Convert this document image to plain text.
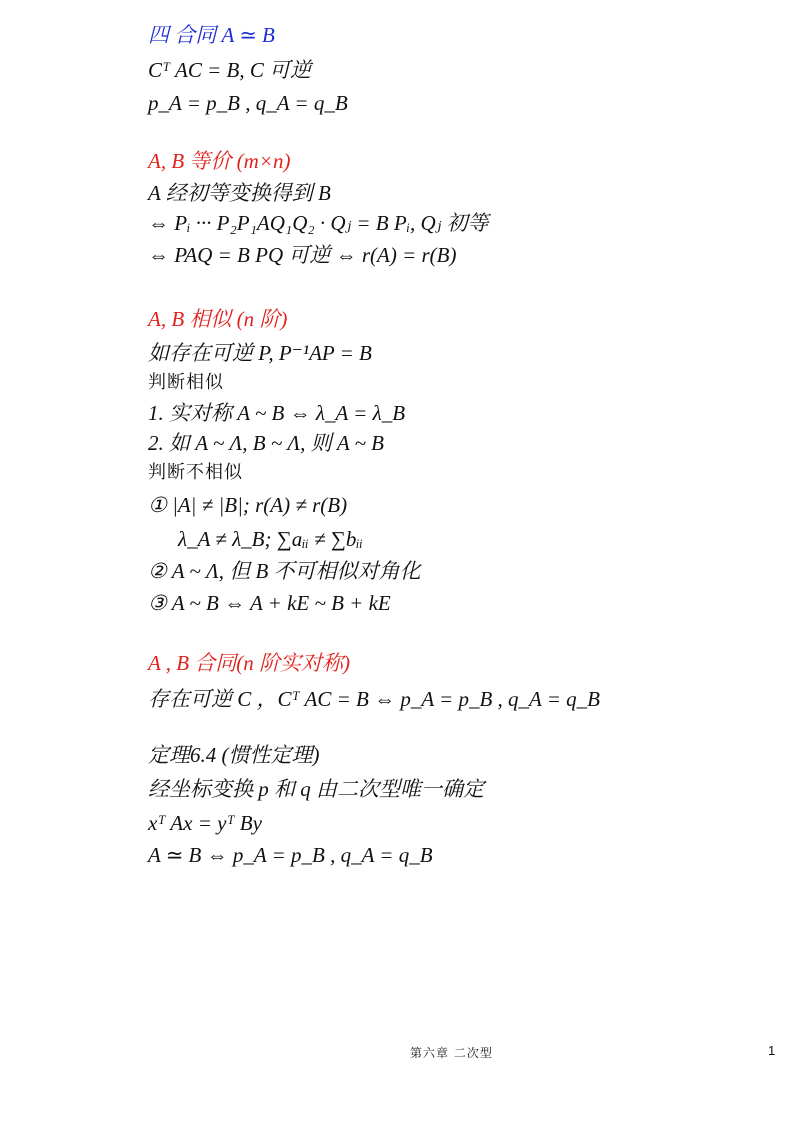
四 合同 A ≃ B
Cᵀ AC = B, C 可逆
p_A = p_B , q_A = q_B
A, B 等价 (m×n)
A 经初等变换得到 B
⇔ Pᵢ ··· P₂P₁AQ₁Q₂ · Qⱼ = B Pᵢ, Qⱼ 初等
⇔ PAQ = B PQ 可逆 ⇔ r(A) = r(B)
A, B 相似 (n 阶)
如存在可逆 P, P⁻¹AP = B
判断相似
1. 实对称 A ~ B ⇔ λ_A = λ_B
2. 如 A ~ Λ, B ~ Λ, 则 A ~ B
判断不相似
① |A| ≠ |B|; r(A) ≠ r(B)
λ_A ≠ λ_B; ∑aᵢᵢ ≠ ∑bᵢᵢ
② A ~ Λ, 但 B 不可相似对角化
③ A ~ B ⇔ A + kE ~ B + kE
A , B 合同(n 阶实对称)
存在可逆 C ，Cᵀ AC = B ⇔ p_A = p_B , q_A = q_B
定理6.4 (惯性定理)
经坐标变换 p 和 q 由二次型唯一确定
xᵀ Ax = yᵀ By
A ≃ B ⇔ p_A = p_B , q_A = q_B
第六章 二次型	1
